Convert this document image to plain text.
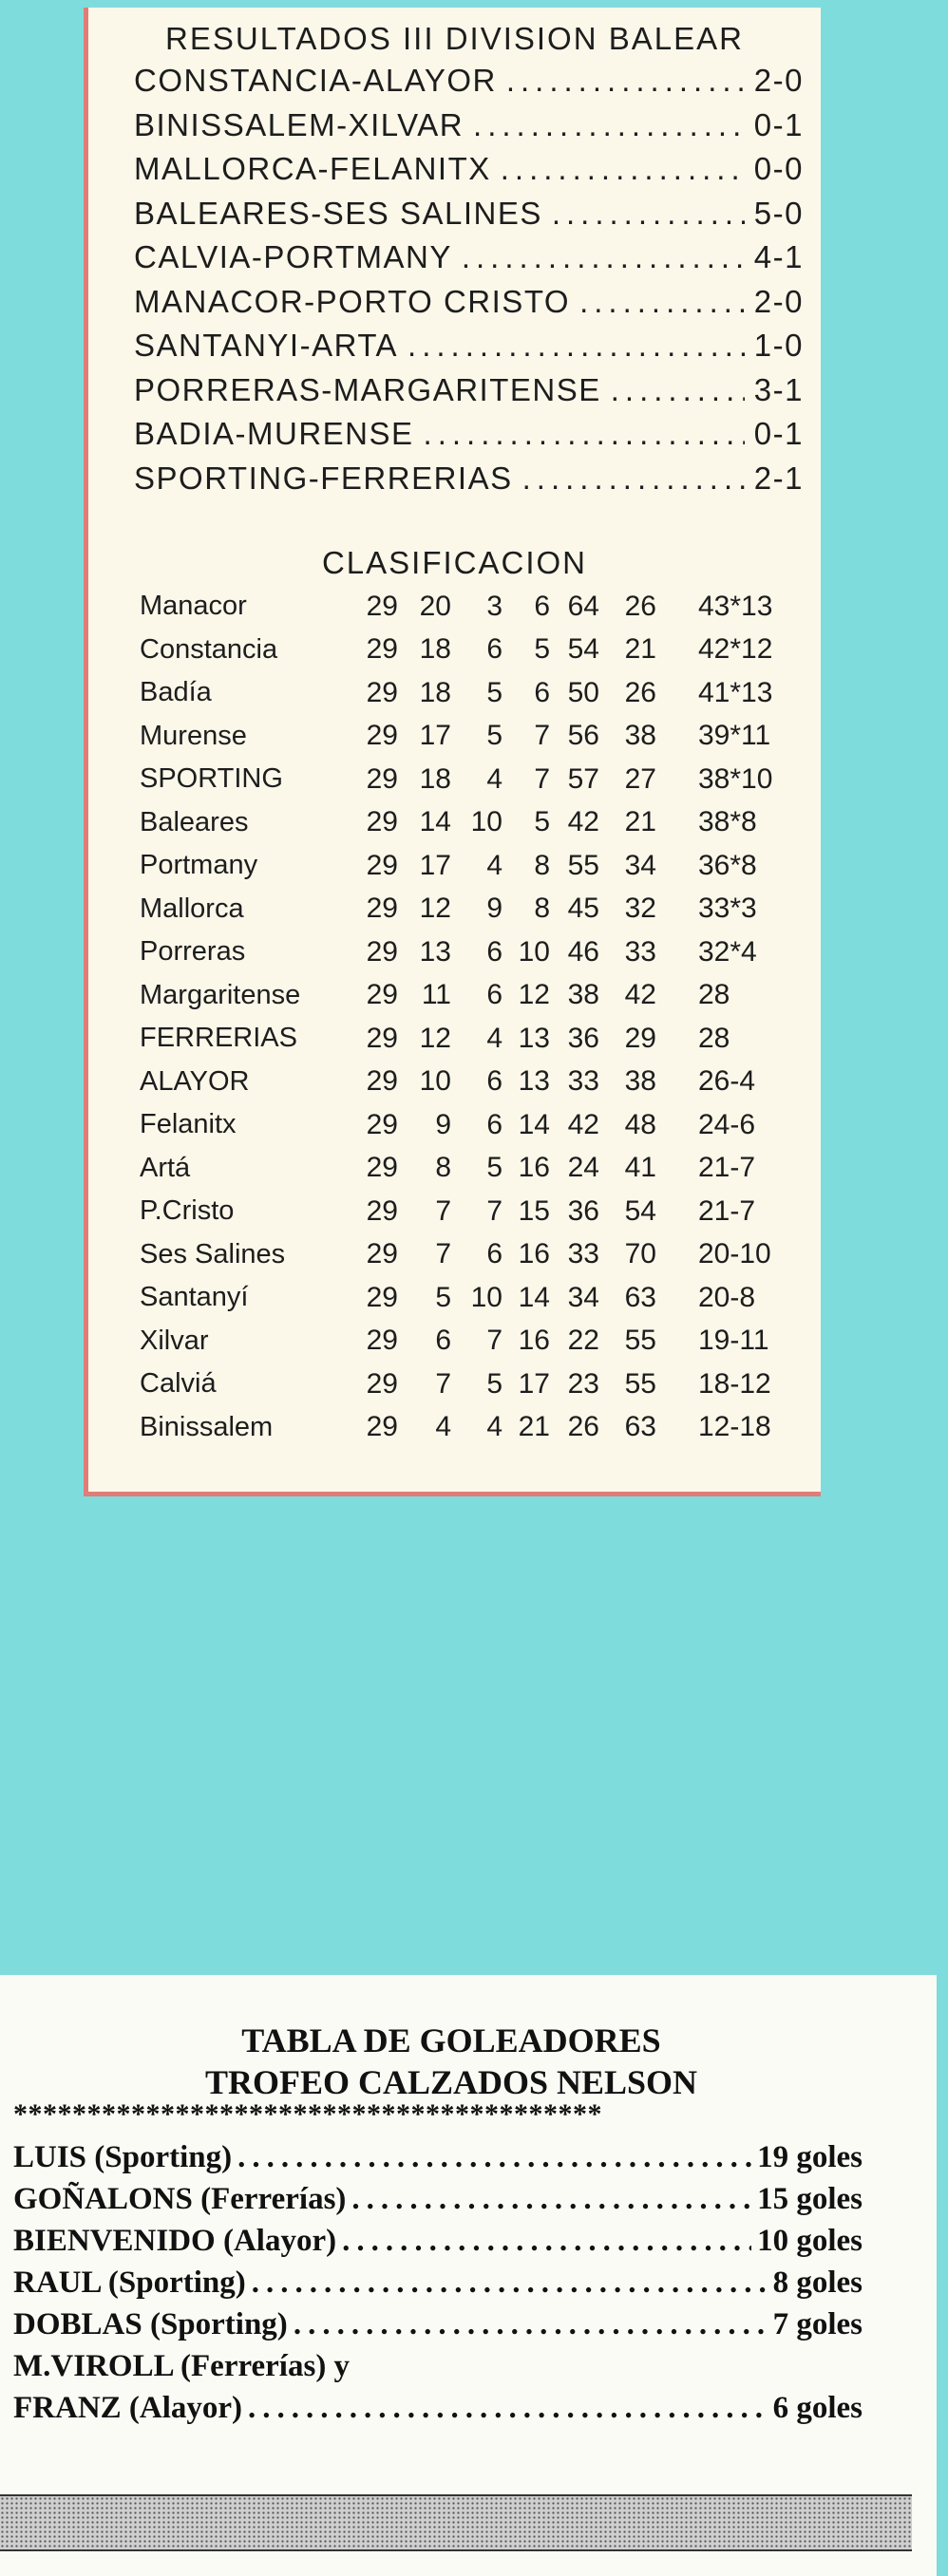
RESULTADOS III DIVISION BALEAR
CONSTANCIA-ALAYOR .....	2-0
BINISSALEM-XILVAR .....	0-1
MALLORCA-FELANITX .....	0-0
BALEARES-SES SALINES .....	5-0
CALVIA-PORTMANY .....	4-1
MANACOR-PORTO CRISTO .....	2-0
SANTANYI-ARTA .....	1-0
PORRERAS-MARGARITENSE .....	3-1
BADIA-MURENSE .....	0-1
SPORTING-FERRERIAS .....	2-1
CLASIFICACION
Manacor	29	20	3	6	64	26	43*13
Constancia	29	18	6	5	54	21	42*12
Badía	29	18	5	6	50	26	41*13
Murense	29	17	5	7	56	38	39*11
SPORTING	29	18	4	7	57	27	38*10
Baleares	29	14	10	5	42	21	38*8
Portmany	29	17	4	8	55	34	36*8
Mallorca	29	12	9	8	45	32	33*3
Porreras	29	13	6	10	46	33	32*4
Margaritense	29	11	6	12	38	42	28
FERRERIAS	29	12	4	13	36	29	28
ALAYOR	29	10	6	13	33	38	26-4
Felanitx	29	9	6	14	42	48	24-6
Artá	29	8	5	16	24	41	21-7
P.Cristo	29	7	7	15	36	54	21-7
Ses Salines	29	7	6	16	33	70	20-10
Santanyí	29	5	10	14	34	63	20-8
Xilvar	29	6	7	16	22	55	19-11
Calviá	29	7	5	17	23	55	18-12
Binissalem	29	4	4	21	26	63	12-18
TABLA DE GOLEADORES
TROFEO CALZADOS NELSON
****************************************
LUIS (Sporting) .....	19 goles
GOÑALONS (Ferrerías) .....	15 goles
BIENVENIDO (Alayor) .....	10 goles
RAUL (Sporting) .....	8 goles
DOBLAS (Sporting) .....	7 goles
M.VIROLL (Ferrerías) y
FRANZ (Alayor) .....	6 goles
